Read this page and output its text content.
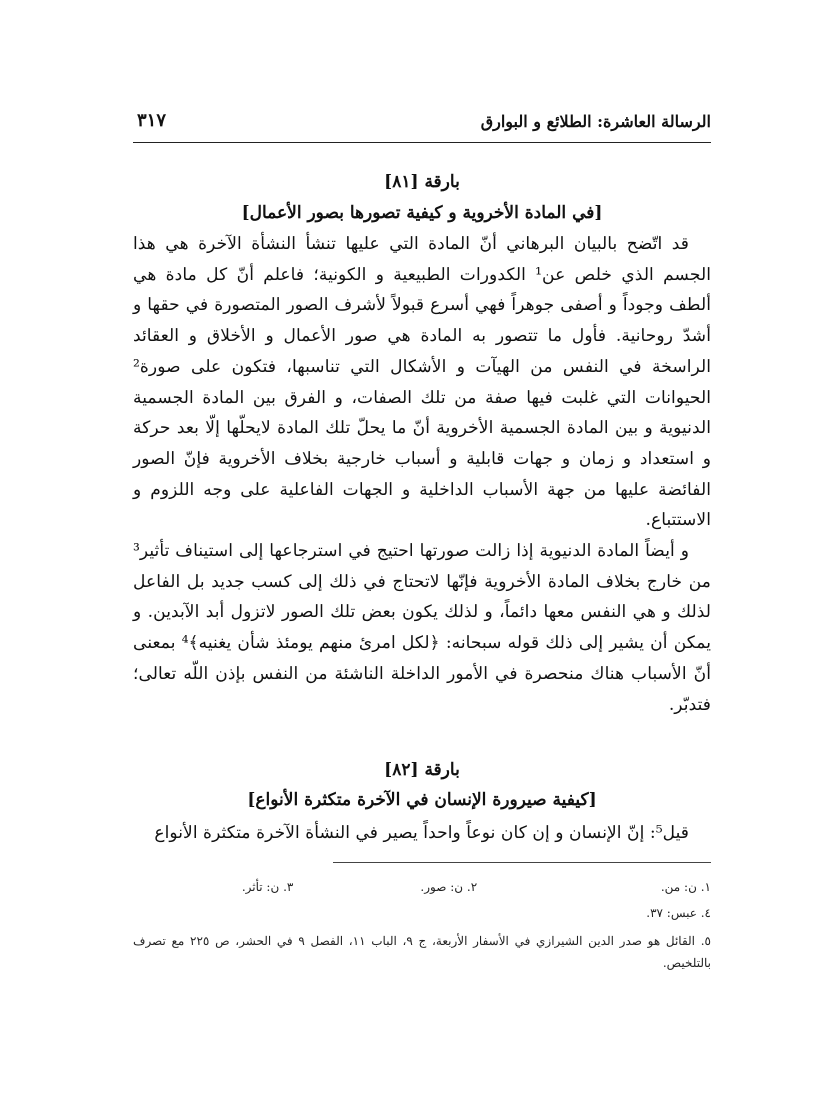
الرسالة العاشرة: الطلائع و البوارق
۳۱۷
بارقة [۸۱]
[في المادة الأخروية و كيفية تصورها بصور الأعمال]

قد اتّضح بالبيان البرهاني أنّ المادة التي عليها تنشأ النشأة الآخرة هي هذا الجسم الذي خلص عن¹ الكدورات الطبيعية و الكونية؛ فاعلم أنّ كل مادة هي ألطف وجوداً و أصفى جوهراً فهي أسرع قبولاً لأشرف الصور المتصورة في حقها و أشدّ روحانية. فأول ما تتصور به المادة هي صور الأعمال و الأخلاق و العقائد الراسخة في النفس من الهيآت و الأشكال التي تناسبها، فتكون على صورة² الحيوانات التي غلبت فيها صفة من تلك الصفات، و الفرق بين المادة الجسمية الدنيوية و بين المادة الجسمية الأخروية أنّ ما يحلّ تلك المادة لايحلّها إلّا بعد حركة و استعداد و زمان و جهات قابلية و أسباب خارجية بخلاف الأخروية فإنّ الصور الفائضة عليها من جهة الأسباب الداخلية و الجهات الفاعلية على وجه اللزوم و الاستتباع.

و أيضاً المادة الدنيوية إذا زالت صورتها احتيج في استرجاعها إلى استيناف تأثير³ من خارج بخلاف المادة الأخروية فإنّها لاتحتاج في ذلك إلى كسب جديد بل الفاعل لذلك و هي النفس معها دائماً، و لذلك يكون بعض تلك الصور لاتزول أبد الآبدين. و يمكن أن يشير إلى ذلك قوله سبحانه: ﴿لكل امرئ منهم يومئذ شأن يغنيه﴾⁴ بمعنى أنّ الأسباب هناك منحصرة في الأمور الداخلة الناشئة من النفس بإذن اللّه تعالى؛ فتدبّر.

بارقة [۸۲]
[كيفية صيرورة الإنسان في الآخرة متكثرة الأنواع]

قيل⁵: إنّ الإنسان و إن كان نوعاً واحداً يصير في النشأة الآخرة متكثرة الأنواع

۱. ن: من. ۲. ن: صور. ۳. ن: تأثر.
٤. عبس: ۳۷.
٥. القائل هو صدر الدين الشيرازي في الأسفار الأربعة، ج ۹، الباب ۱۱، الفصل ۹ في الحشر، ص ۲۲٥ مع تصرف بالتلخيص.
